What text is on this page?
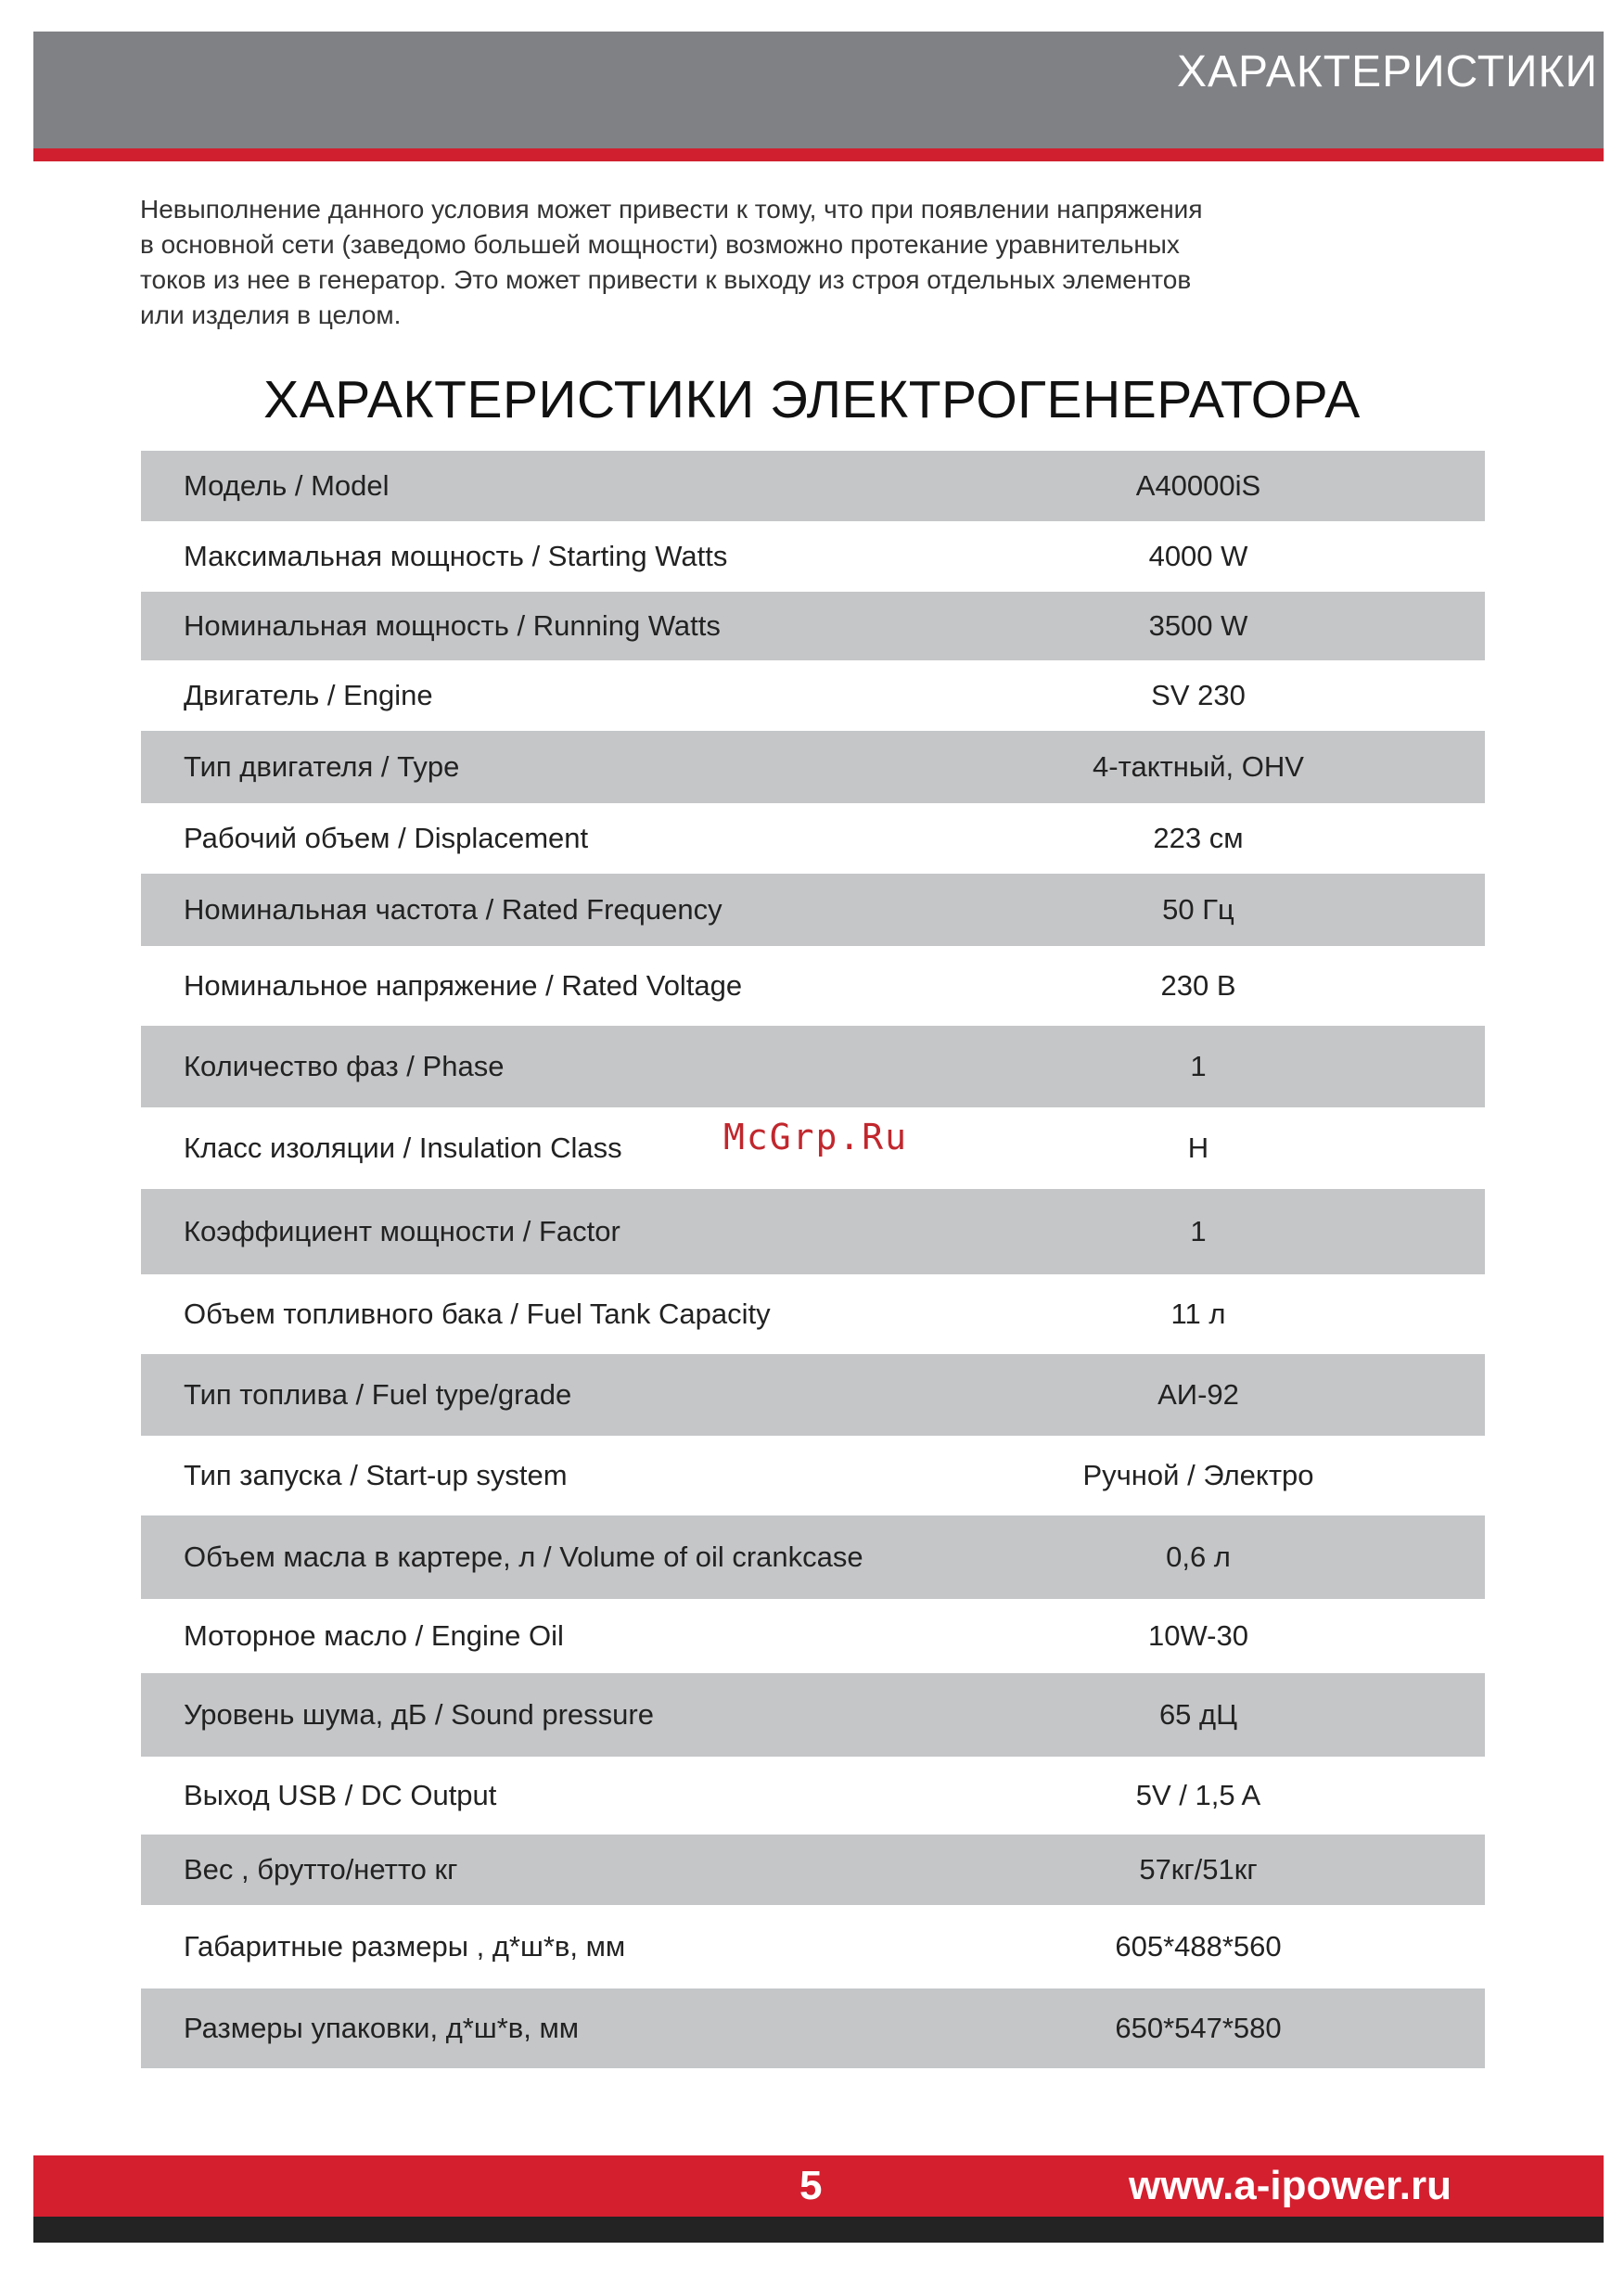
ХАРАКТЕРИСТИКИ
Невыполнение данного условия может привести к тому, что при появлении напряжения
в основной сети (заведомо большей мощности) возможно протекание уравнительных
токов из нее в генератор. Это может привести к выходу из строя отдельных элементов
или изделия в целом.
ХАРАКТЕРИСТИКИ ЭЛЕКТРОГЕНЕРАТОРА
Модель / Model	A40000iS
Максимальная мощность / Starting Watts	4000 W
Номинальная мощность / Running Watts	3500 W
Двигатель / Engine	SV 230
Тип двигателя / Type	4-тактный, OHV
Рабочий объем / Displacement	223 см
Номинальная частота / Rated Frequency	50 Гц
Номинальное напряжение / Rated Voltage	230 В
Количество фаз / Phase	1
Класс изоляции / Insulation Class	H
Коэффициент мощности / Factor	1
Объем топливного бака / Fuel Tank Capacity	11 л
Тип топлива / Fuel type/grade	АИ-92
Тип запуска / Start-up system	Ручной / Электро
Объем масла в картере, л / Volume of oil crankcase	0,6 л
Моторное масло / Engine Oil	10W-30
Уровень шума, дБ / Sound pressure	65 дЦ
Выход USB / DC Output	5V / 1,5 A
Вес , брутто/нетто кг	57кг/51кг
Габаритные размеры , д*ш*в, мм	605*488*560
Размеры упаковки, д*ш*в, мм	650*547*580
McGrp.Ru
5	www.a-ipower.ru
